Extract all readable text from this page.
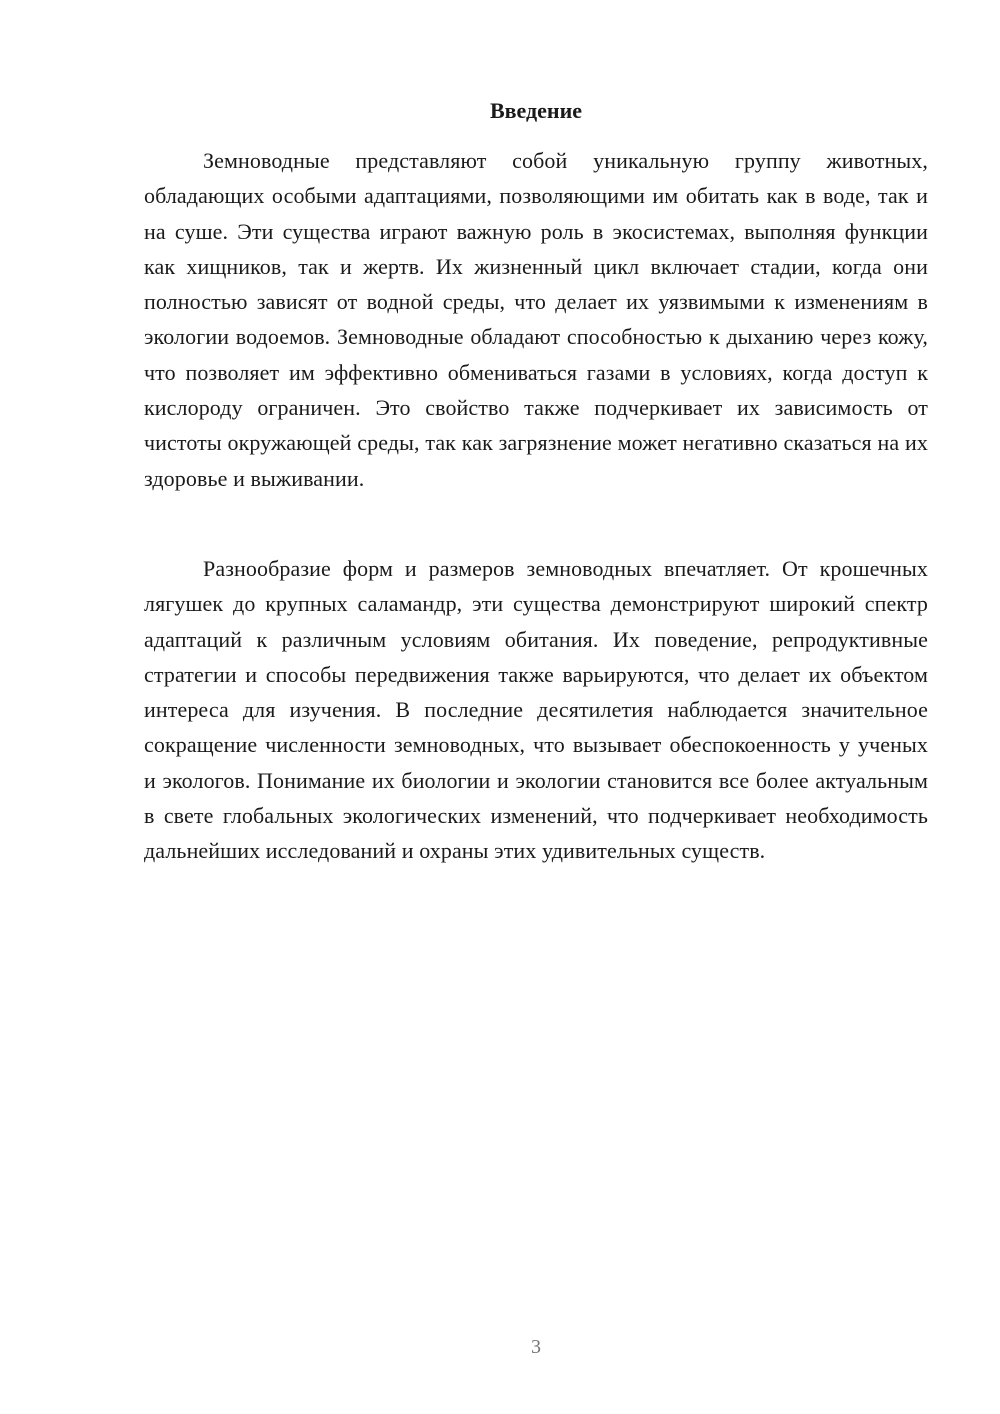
Введение

Земноводные представляют собой уникальную группу животных, обладающих особыми адаптациями, позволяющими им обитать как в воде, так и на суше. Эти существа играют важную роль в экосистемах, выполняя функции как хищников, так и жертв. Их жизненный цикл включает стадии, когда они полностью зависят от водной среды, что делает их уязвимыми к изменениям в экологии водоемов. Земноводные обладают способностью к дыханию через кожу, что позволяет им эффективно обмениваться газами в условиях, когда доступ к кислороду ограничен. Это свойство также подчеркивает их зависимость от чистоты окружающей среды, так как загрязнение может негативно сказаться на их здоровье и выживании.

Разнообразие форм и размеров земноводных впечатляет. От крошечных лягушек до крупных саламандр, эти существа демонстрируют широкий спектр адаптаций к различным условиям обитания. Их поведение, репродуктивные стратегии и способы передвижения также варьируются, что делает их объектом интереса для изучения. В последние десятилетия наблюдается значительное сокращение численности земноводных, что вызывает обеспокоенность у ученых и экологов. Понимание их биологии и экологии становится все более актуальным в свете глобальных экологических изменений, что подчеркивает необходимость дальнейших исследований и охраны этих удивительных существ.

3
